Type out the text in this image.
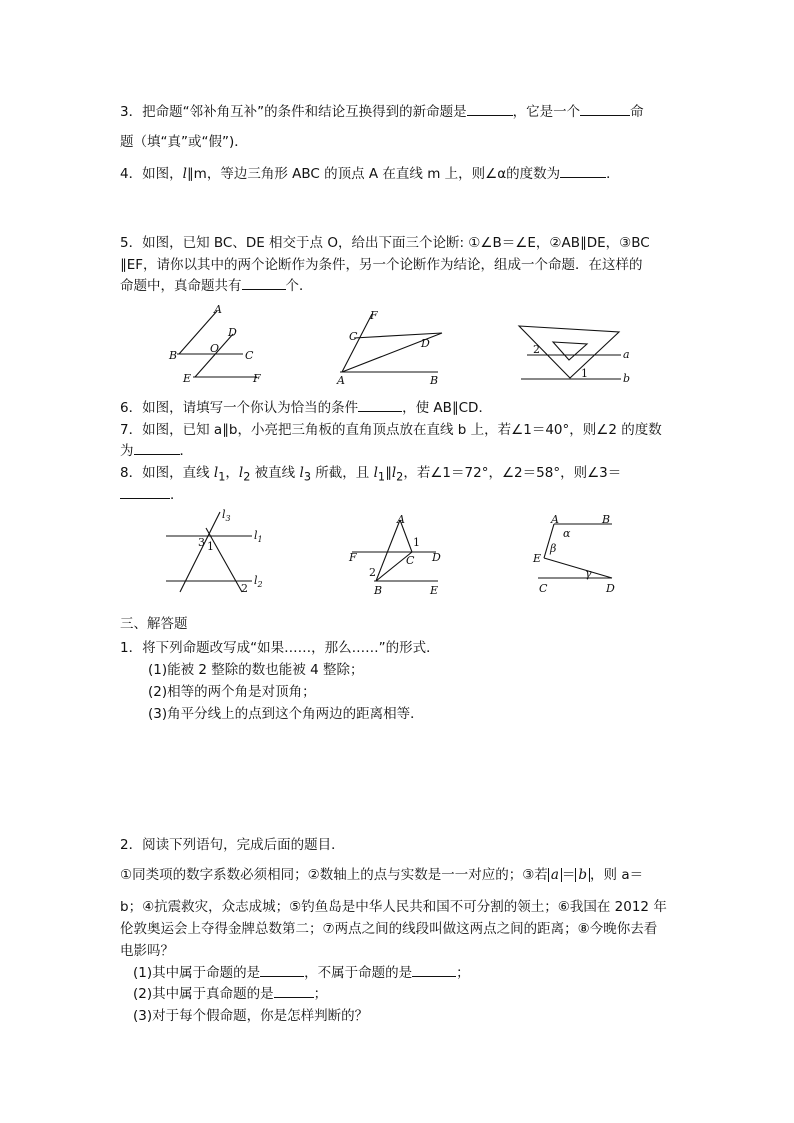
3．把命题“邻补角互补”的条件和结论互换得到的新命题是	，它是一个	命
题（填“真”或“假”)．
4．如图，l∥m，等边三角形 ABC 的顶点 A 在直线 m 上，则∠α的度数为	．
5．如图，已知 BC、DE 相交于点 O，给出下面三个论断: ①∠B＝∠E，②AB∥DE，③BC
∥EF，请你以其中的两个论断作为条件，另一个论断作为结论，组成一个命题．在这样的
命题中，真命题共有	个．
A
B	C
D
O
E	F
F
C
D
A	B
2
1
a
b
6．如图，请填写一个你认为恰当的条件	，使 AB∥CD．
7．如图，已知 a∥b，小亮把三角板的直角顶点放在直线 b 上，若∠1＝40°，则∠2 的度数
为	．
8．如图，直线 $l_1$，$l_2$ 被直线 $l_3$ 所截，且 $l_1\parallel l_2$，若∠1＝72°，∠2＝58°，则∠3＝
．
$l_3$
$l_1$
$l_2$
3 1
2
A
1
F	C D
2
B	E
A	B
α
β
E
γ
C	D
三、解答题
1．将下列命题改写成“如果……，那么……”的形式．
(1)能被 2 整除的数也能被 4 整除；
(2)相等的两个角是对顶角；
(3)角平分线上的点到这个角两边的距离相等．
2．阅读下列语句，完成后面的题目．
①同类项的数字系数必须相同；②数轴上的点与实数是一一对应的；③若 a ＝ b ，则 a＝
b；④抗震救灾，众志成城；⑤钓鱼岛是中华人民共和国不可分割的领土；⑥我国在 2012 年
伦敦奥运会上夺得金牌总数第二；⑦两点之间的线段叫做这两点之间的距离；⑧今晚你去看
电影吗？
(1)其中属于命题的是	，不属于命题的是	；
(2)其中属于真命题的是	；
(3)对于每个假命题，你是怎样判断的？
